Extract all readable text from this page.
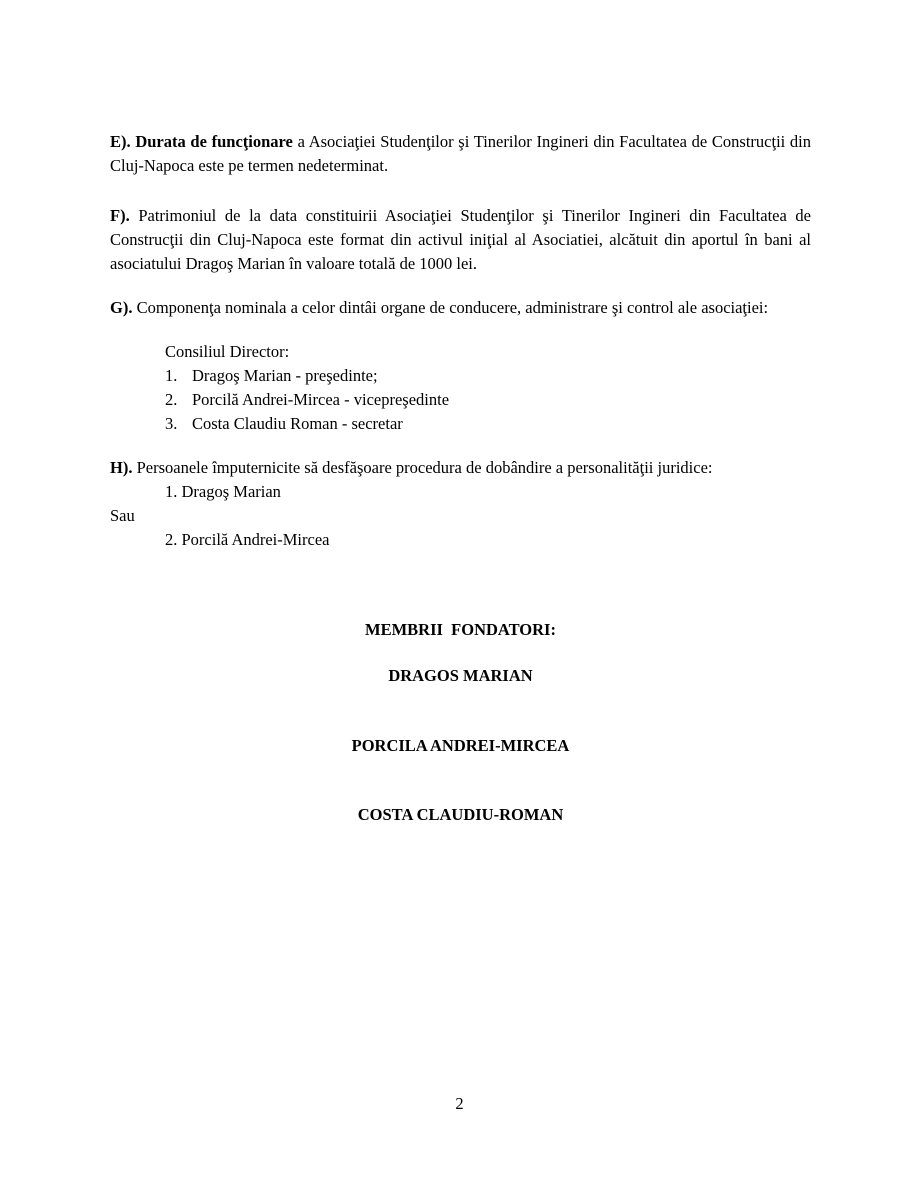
E). Durata de funcţionare a Asociaţiei Studenţilor şi Tinerilor Ingineri din Facultatea de Construcţii din Cluj-Napoca este pe termen nedeterminat.

F). Patrimoniul de la data constituirii Asociaţiei Studenţilor şi Tinerilor Ingineri din Facultatea de Construcţii din Cluj-Napoca este format din activul iniţial al Asociatiei, alcătuit din aportul în bani al asociatului Dragoş Marian în valoare totală de 1000 lei.

G). Componenţa nominala a celor dintâi organe de conducere, administrare şi control ale asociaţiei:

Consiliul Director:
1. Dragoş Marian - preşedinte;
2. Porcilă Andrei-Mircea - vicepreşedinte
3. Costa Claudiu Roman - secretar

H). Persoanele împuternicite să desfăşoare procedura de dobândire a personalităţii juridice:

1. Dragoş Marian
Sau
2. Porcilă Andrei-Mircea
MEMBRII  FONDATORI:
DRAGOS MARIAN
PORCILA ANDREI-MIRCEA
COSTA CLAUDIU-ROMAN
2
